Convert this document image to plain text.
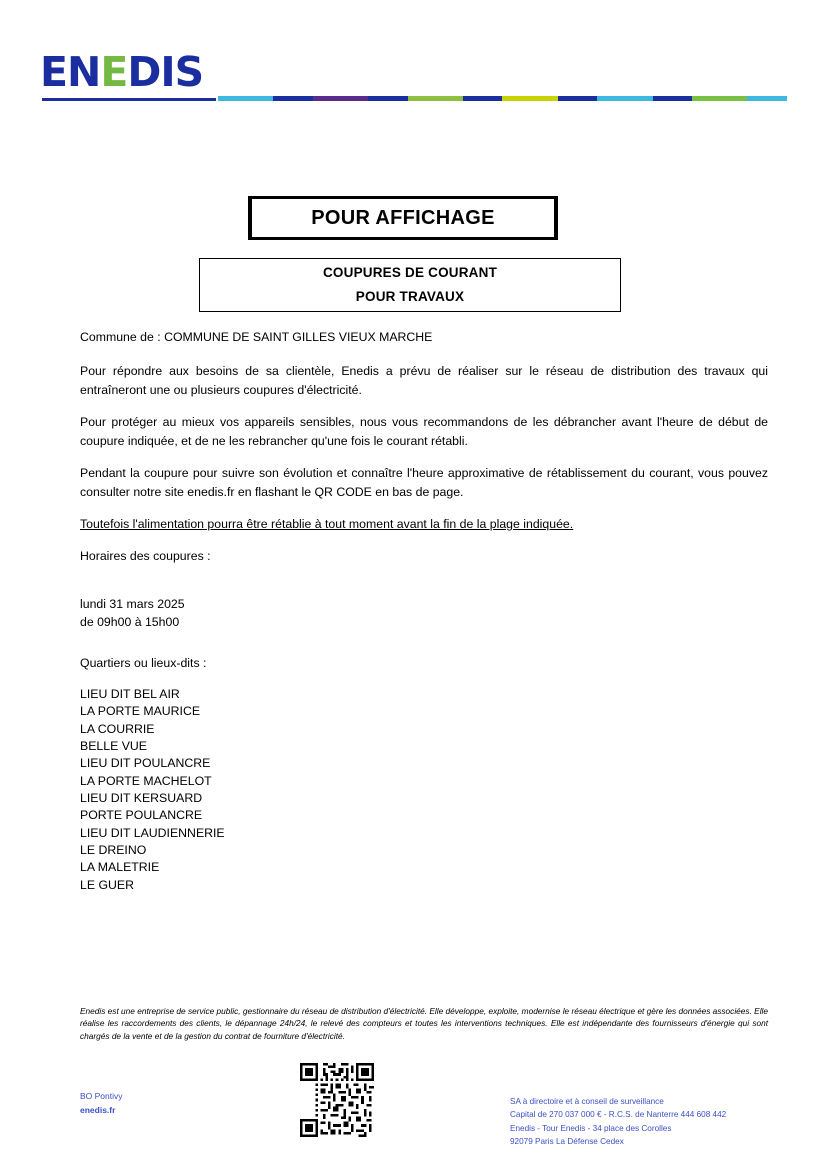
EN E DIS
POUR AFFICHAGE
COUPURES DE COURANT
POUR TRAVAUX

Commune de : COMMUNE DE SAINT GILLES VIEUX MARCHE

Pour répondre aux besoins de sa clientèle, Enedis a prévu de réaliser sur le réseau de distribution des travaux qui entraîneront une ou plusieurs coupures d'électricité.

Pour protéger au mieux vos appareils sensibles, nous vous recommandons de les débrancher avant l'heure de début de coupure indiquée, et de ne les rebrancher qu'une fois le courant rétabli.

Pendant la coupure pour suivre son évolution et connaître l'heure approximative de rétablissement du courant, vous pouvez consulter notre site enedis.fr en flashant le QR CODE en bas de page.

Toutefois l'alimentation pourra être rétablie à tout moment avant la fin de la plage indiquée.

Horaires des coupures :

lundi 31 mars 2025
de 09h00 à 15h00

Quartiers ou lieux-dits :

LIEU DIT BEL AIR
LA PORTE MAURICE
LA COURRIE
BELLE VUE
LIEU DIT POULANCRE
LA PORTE MACHELOT
LIEU DIT KERSUARD
PORTE POULANCRE
LIEU DIT LAUDIENNERIE
LE DREINO
LA MALETRIE
LE GUER
Enedis est une entreprise de service public, gestionnaire du réseau de distribution d'électricité. Elle développe, exploite, modernise le réseau électrique et gère les données associées. Elle réalise les raccordements des clients, le dépannage 24h/24, le relevé des compteurs et toutes les interventions techniques. Elle est indépendante des fournisseurs d'énergie qui sont chargés de la vente et de la gestion du contrat de fourniture d'électricité.
BO Pontivy
enedis.fr
SA à directoire et à conseil de surveillance
Capital de 270 037 000 € - R.C.S. de Nanterre 444 608 442
Enedis - Tour Enedis - 34 place des Corolles
92079 Paris La Défense Cedex
